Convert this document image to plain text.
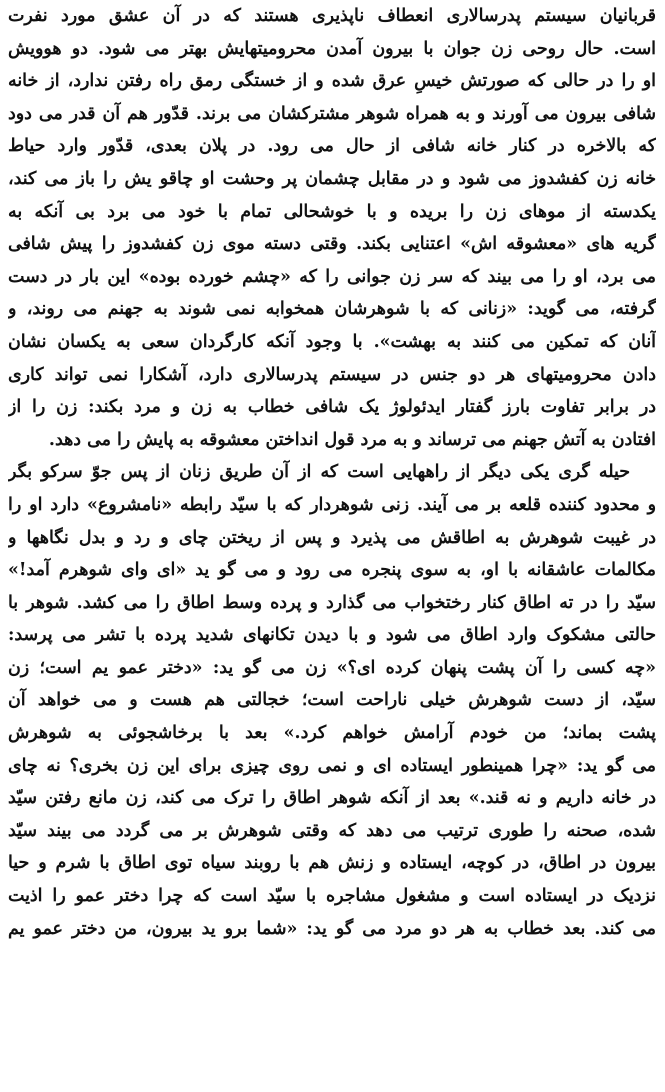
قربانیان سیستم پدرسالاری انعطاف ناپذیری هستند که در آن عشق مورد نفرت
است. حال روحی زن جوان با بیرون آمدن محرومیتهایش بهتر می شود. دو هوویش
او را در حالی که صورتش خیسِ عرق شده و از خستگی رمق راه رفتن ندارد، از خانه
شافی بیرون می آورند و به همراه شوهر مشترکشان می برند. قدّور هم آن قدر می دود
که بالاخره در کنار خانه شافی از حال می رود. در پلان بعدی، قدّور وارد حیاط
خانه زن کفشدوز می شود و در مقابل چشمان پر وحشت او چاقو یش را باز می کند،
یکدسته از موهای زن را بریده و با خوشحالی تمام با خود می برد بی آنکه به
گریه های «معشوقه اش» اعتنایی بکند. وقتی دسته موی زن کفشدوز را پیش شافی
می برد، او را می بیند که سر زن جوانی را که «چشم خورده بوده» این بار در دست
گرفته، می گوید: «زنانی که با شوهرشان همخوابه نمی شوند به جهنم می روند، و
آنان که تمکین می کنند به بهشت». با وجود آنکه کارگردان سعی به یکسان نشان
دادن محرومیتهای هر دو جنس در سیستم پدرسالاری دارد، آشکارا نمی تواند کاری
در برابر تفاوت بارز گفتار ایدئولوژ یک شافی خطاب به زن و مرد بکند: زن را از
افتادن به آتش جهنم می ترساند و به مرد قول انداختن معشوقه به پایش را می دهد.
حیله گری یکی دیگر از راههایی است که از آن طریق زنان از پس جوّ سرکو بگر
و محدود کننده قلعه بر می آیند. زنی شوهردار که با سیّد رابطه «نامشروع» دارد او را
در غیبت شوهرش به اطاقش می پذیرد و پس از ریختن چای و رد و بدل نگاهها و
مکالمات عاشقانه با او، به سوی پنجره می رود و می گو ید «ای وای شوهرم آمد!»
سیّد را در ته اطاق کنار رختخواب می گذارد و پرده وسط اطاق را می کشد. شوهر با
حالتی مشکوک وارد اطاق می شود و با دیدن تکانهای شدید پرده با تشر می پرسد:
«چه کسی را آن پشت پنهان کرده ای؟» زن می گو ید: «دختر عمو یم است؛ زن
سیّد، از دست شوهرش خیلی ناراحت است؛ خجالتی هم هست و می خواهد آن
پشت بماند؛ من خودم آرامش خواهم کرد.» بعد با برخاشجوئی به شوهرش
می گو ید: «چرا همینطور ایستاده ای و نمی روی چیزی برای این زن بخری؟ نه چای
در خانه داریم و نه قند.» بعد از آنکه شوهر اطاق را ترک می کند، زن مانع رفتن سیّد
شده، صحنه را طوری ترتیب می دهد که وقتی شوهرش بر می گردد می بیند سیّد
بیرون در اطاق، در کوچه، ایستاده و زنش هم با روبند سیاه توی اطاق با شرم و حیا
نزدیک در ایستاده است و مشغول مشاجره با سیّد است که چرا دختر عمو را اذیت
می کند. بعد خطاب به هر دو مرد می گو ید: «شما برو ید بیرون، من دختر عمو یم
